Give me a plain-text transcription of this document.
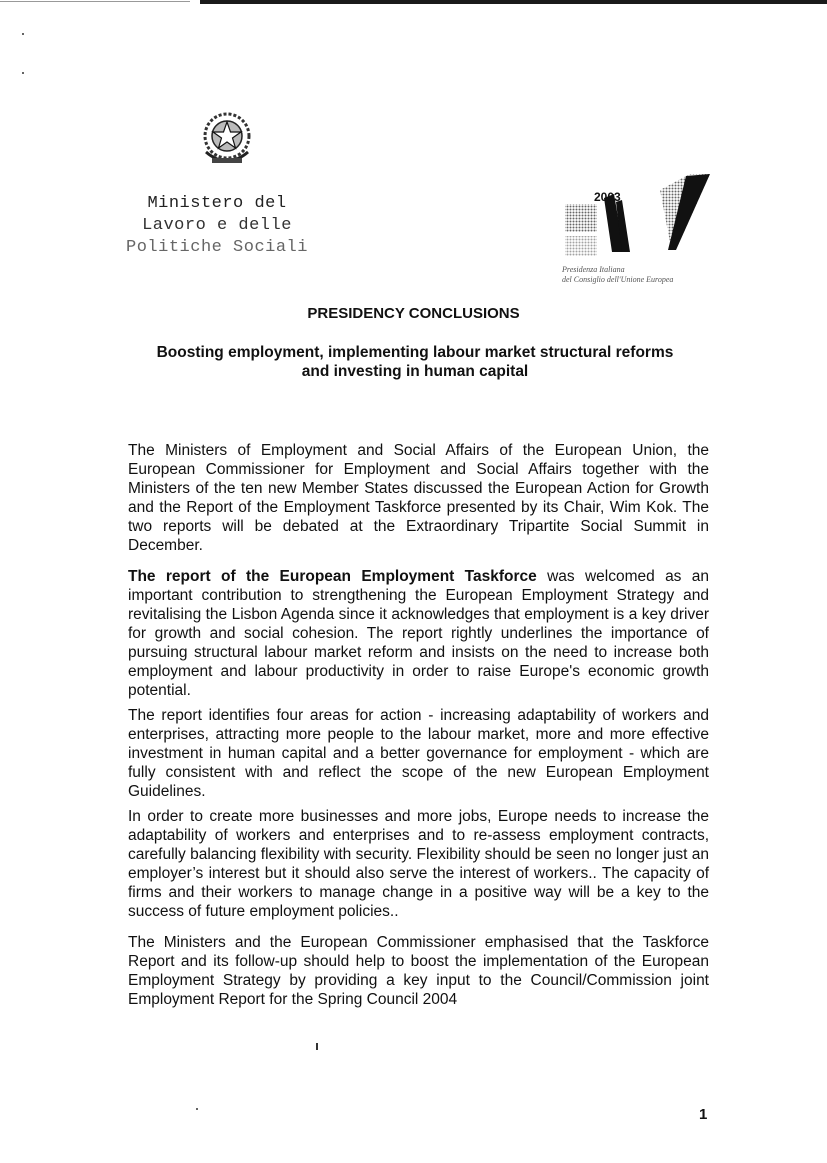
Ministero del
Lavoro e delle
Politiche Sociali
2003
Presidenza Italiana
del Consiglio dell'Unione Europea
PRESIDENCY CONCLUSIONS
Boosting employment, implementing labour market structural reforms
and investing in human capital

The Ministers of Employment and Social Affairs of the European Union, the European Commissioner for Employment and Social Affairs together with the Ministers of the ten new Member States discussed the European Action for Growth and the Report of the Employment Taskforce presented by its Chair, Wim Kok. The two reports will be debated at the Extraordinary Tripartite Social Summit in December.

The report of the European Employment Taskforce was welcomed as an important contribution to strengthening the European Employment Strategy and revitalising the Lisbon Agenda since it acknowledges that employment is a key driver for growth and social cohesion. The report rightly underlines the importance of pursuing structural labour market reform and insists on the need to increase both employment and labour productivity in order to raise Europe's economic growth potential.

The report identifies four areas for action - increasing adaptability of workers and enterprises, attracting more people to the labour market, more and more effective investment in human capital and a better governance for employment - which are fully consistent with and reflect the scope of the new European Employment Guidelines.

In order to create more businesses and more jobs, Europe needs to increase the adaptability of workers and enterprises and to re-assess employment contracts, carefully balancing flexibility with security. Flexibility should be seen no longer just an employer’s interest but it should also serve the interest of workers.. The capacity of firms and their workers to manage change in a positive way will be a key to the success of future employment policies..

The Ministers and the European Commissioner emphasised that the Taskforce Report and its follow-up should help to boost the implementation of the European Employment Strategy by providing a key input to the Council/Commission joint Employment Report for the Spring Council 2004

1
